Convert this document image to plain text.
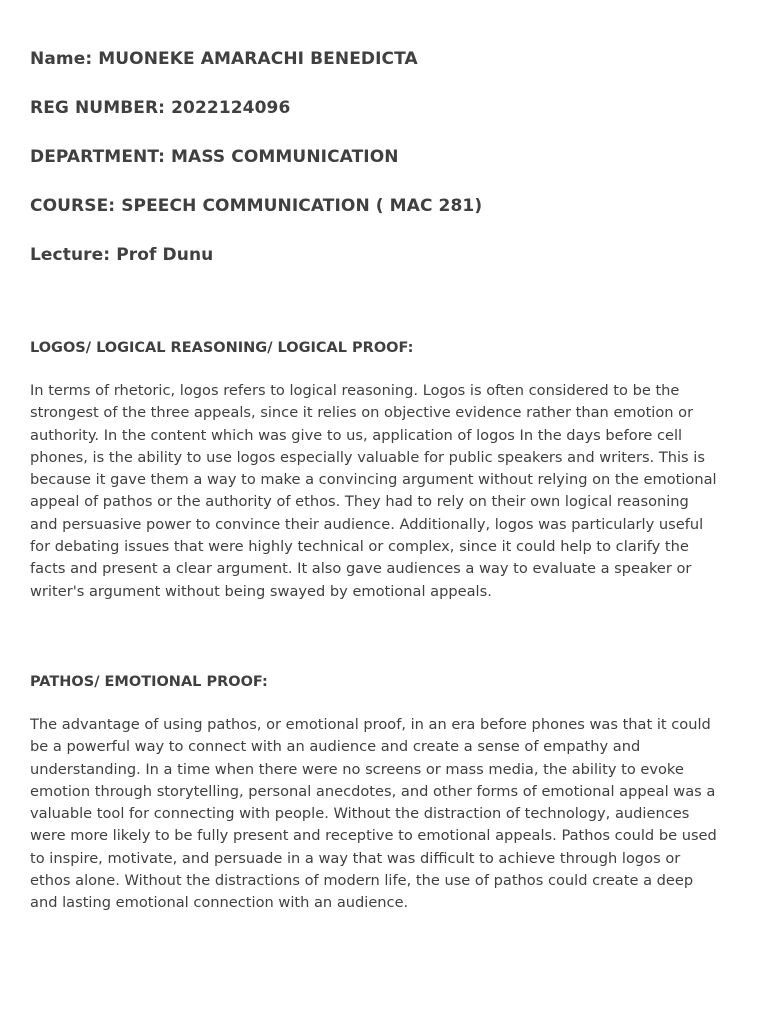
Name: MUONEKE AMARACHI BENEDICTA
REG NUMBER: 2022124096
DEPARTMENT: MASS COMMUNICATION
COURSE: SPEECH COMMUNICATION ( MAC 281)
Lecture: Prof Dunu
LOGOS/ LOGICAL REASONING/ LOGICAL PROOF:

In terms of rhetoric, logos refers to logical reasoning. Logos is often considered to be the
strongest of the three appeals, since it relies on objective evidence rather than emotion or
authority. In the content which was give to us, application of logos In the days before cell
phones, is the ability to use logos especially valuable for public speakers and writers. This is
because it gave them a way to make a convincing argument without relying on the emotional
appeal of pathos or the authority of ethos. They had to rely on their own logical reasoning
and persuasive power to convince their audience. Additionally, logos was particularly useful
for debating issues that were highly technical or complex, since it could help to clarify the
facts and present a clear argument. It also gave audiences a way to evaluate a speaker or
writer's argument without being swayed by emotional appeals.

PATHOS/ EMOTIONAL PROOF:

The advantage of using pathos, or emotional proof, in an era before phones was that it could
be a powerful way to connect with an audience and create a sense of empathy and
understanding. In a time when there were no screens or mass media, the ability to evoke
emotion through storytelling, personal anecdotes, and other forms of emotional appeal was a
valuable tool for connecting with people. Without the distraction of technology, audiences
were more likely to be fully present and receptive to emotional appeals. Pathos could be used
to inspire, motivate, and persuade in a way that was difficult to achieve through logos or
ethos alone. Without the distractions of modern life, the use of pathos could create a deep
and lasting emotional connection with an audience.
